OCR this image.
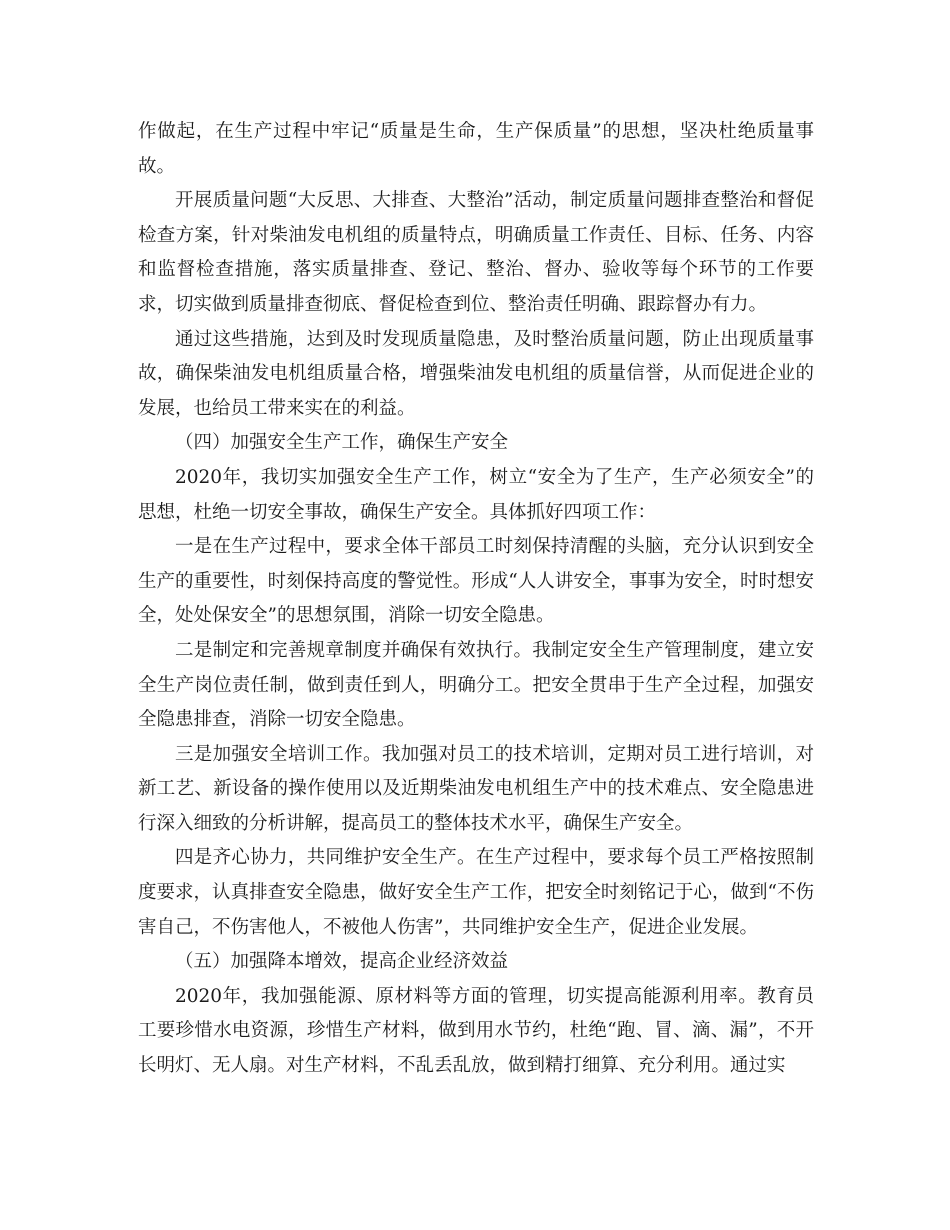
作做起，在生产过程中牢记“质量是生命，生产保质量”的思想，坚决杜绝质量事故。

开展质量问题“大反思、大排查、大整治”活动，制定质量问题排查整治和督促检查方案，针对柴油发电机组的质量特点，明确质量工作责任、目标、任务、内容和监督检查措施，落实质量排查、登记、整治、督办、验收等每个环节的工作要求，切实做到质量排查彻底、督促检查到位、整治责任明确、跟踪督办有力。

通过这些措施，达到及时发现质量隐患，及时整治质量问题，防止出现质量事故，确保柴油发电机组质量合格，增强柴油发电机组的质量信誉，从而促进企业的发展，也给员工带来实在的利益。

（四）加强安全生产工作，确保生产安全

2020年，我切实加强安全生产工作，树立“安全为了生产，生产必须安全”的思想，杜绝一切安全事故，确保生产安全。具体抓好四项工作：

一是在生产过程中，要求全体干部员工时刻保持清醒的头脑，充分认识到安全生产的重要性，时刻保持高度的警觉性。形成“人人讲安全，事事为安全，时时想安全，处处保安全”的思想氛围，消除一切安全隐患。

二是制定和完善规章制度并确保有效执行。我制定安全生产管理制度，建立安全生产岗位责任制，做到责任到人，明确分工。把安全贯串于生产全过程，加强安全隐患排查，消除一切安全隐患。

三是加强安全培训工作。我加强对员工的技术培训，定期对员工进行培训，对新工艺、新设备的操作使用以及近期柴油发电机组生产中的技术难点、安全隐患进行深入细致的分析讲解，提高员工的整体技术水平，确保生产安全。

四是齐心协力，共同维护安全生产。在生产过程中，要求每个员工严格按照制度要求，认真排查安全隐患，做好安全生产工作，把安全时刻铭记于心，做到“不伤害自己，不伤害他人，不被他人伤害”，共同维护安全生产，促进企业发展。

（五）加强降本增效，提高企业经济效益

2020年，我加强能源、原材料等方面的管理，切实提高能源利用率。教育员工要珍惜水电资源，珍惜生产材料，做到用水节约，杜绝“跑、冒、滴、漏”，不开长明灯、无人扇。对生产材料，不乱丢乱放，做到精打细算、充分利用。通过实
